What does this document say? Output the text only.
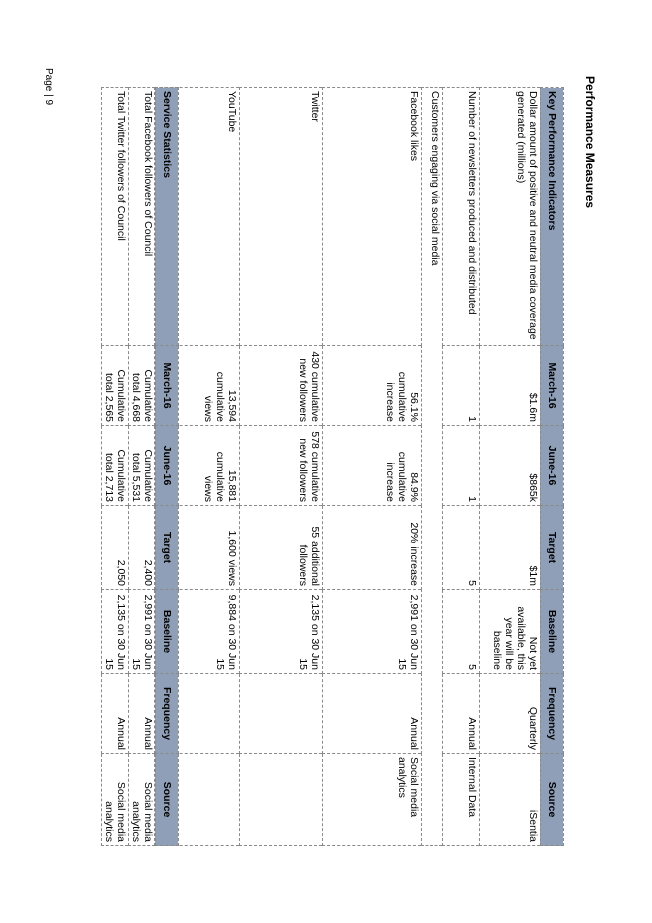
Performance Measures
Key Performance Indicators	March-16	June-16	Target	Baseline	Frequency	Source
Dollar amount of positive and neutral media coverage generated (millions)	$1.6m	$865k	$1m	Not yet available, this year will be baseline	Quarterly	iSentia
Number of newsletters produced and distributed	1	1	5	5	Annual	Internal Data
Customers engaging via social media						
Facebook likes	56.1% cumulative increase	84.9% cumulative increase	20% increase	2,991 on 30 Jun 15	Annual	Social media analytics
Twitter	430 cumulative new followers	578 cumulative new followers	55 additional followers	2,135 on 30 Jun 15		
YouTube	13,594 cumulative views	15,881 cumulative views	1,600 views	9,884 on 30 Jun 15		
Service Statistics	March-16	June-16	Target	Baseline	Frequency	Source
Total Facebook followers of Council	Cumulative total 4,668	Cumulative total 5,531	2,400	2,991 on 30 Jun 15	Annual	Social media analytics
Total Twitter followers of Council	Cumulative total 2,565	Cumulative total 2,713	2,050	2,135 on 30 Jun 15	Annual	Social media analytics
Page | 9
